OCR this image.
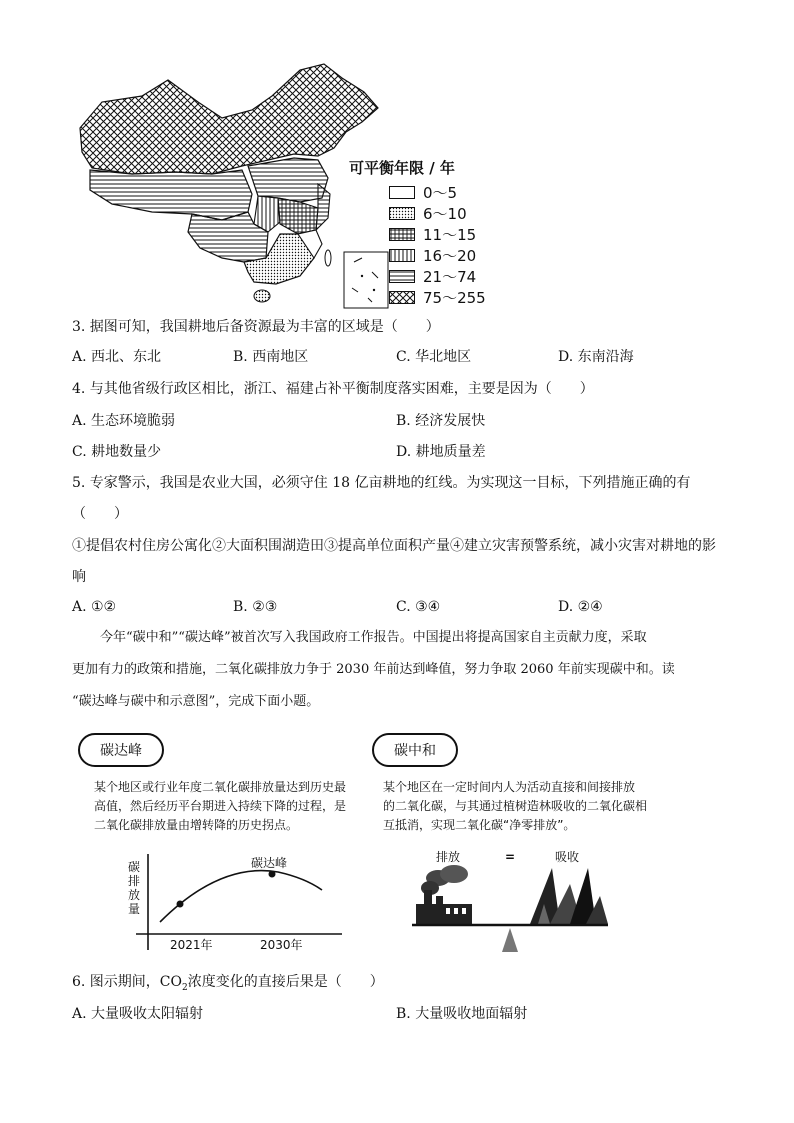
可平衡年限 / 年
0～5
6～10
11～15
16～20
21～74
75～255
3. 据图可知，我国耕地后备资源最为丰富的区域是（　　）
A. 西北、东北	B. 西南地区	C. 华北地区	D. 东南沿海
4. 与其他省级行政区相比，浙江、福建占补平衡制度落实困难，主要是因为（　　）
A. 生态环境脆弱	B. 经济发展快
C. 耕地数量少	D. 耕地质量差
5. 专家警示，我国是农业大国，必须守住 18 亿亩耕地的红线。为实现这一目标，下列措施正确的有
（　　）
①提倡农村住房公寓化②大面积围湖造田③提高单位面积产量④建立灾害预警系统，减小灾害对耕地的影
响
A. ①②	B. ②③	C. ③④	D. ②④
今年“碳中和”“碳达峰”被首次写入我国政府工作报告。中国提出将提高国家自主贡献力度，采取
更加有力的政策和措施，二氧化碳排放力争于 2030 年前达到峰值，努力争取 2060 年前实现碳中和。读
“碳达峰与碳中和示意图”，完成下面小题。
碳达峰	碳中和
某个地区或行业年度二氧化碳排放量达到历史最
高值，然后经历平台期进入持续下降的过程，是
二氧化碳排放量由增转降的历史拐点。
某个地区在一定时间内人为活动直接和间接排放
的二氧化碳，与其通过植树造林吸收的二氧化碳相
互抵消，实现二氧化碳“净零排放”。
碳达峰
2021年	2030年
碳
排
放
量
排放	=	吸收
6. 图示期间，$CO_2$浓度变化的直接后果是（　　）
A. 大量吸收太阳辐射	B. 大量吸收地面辐射
